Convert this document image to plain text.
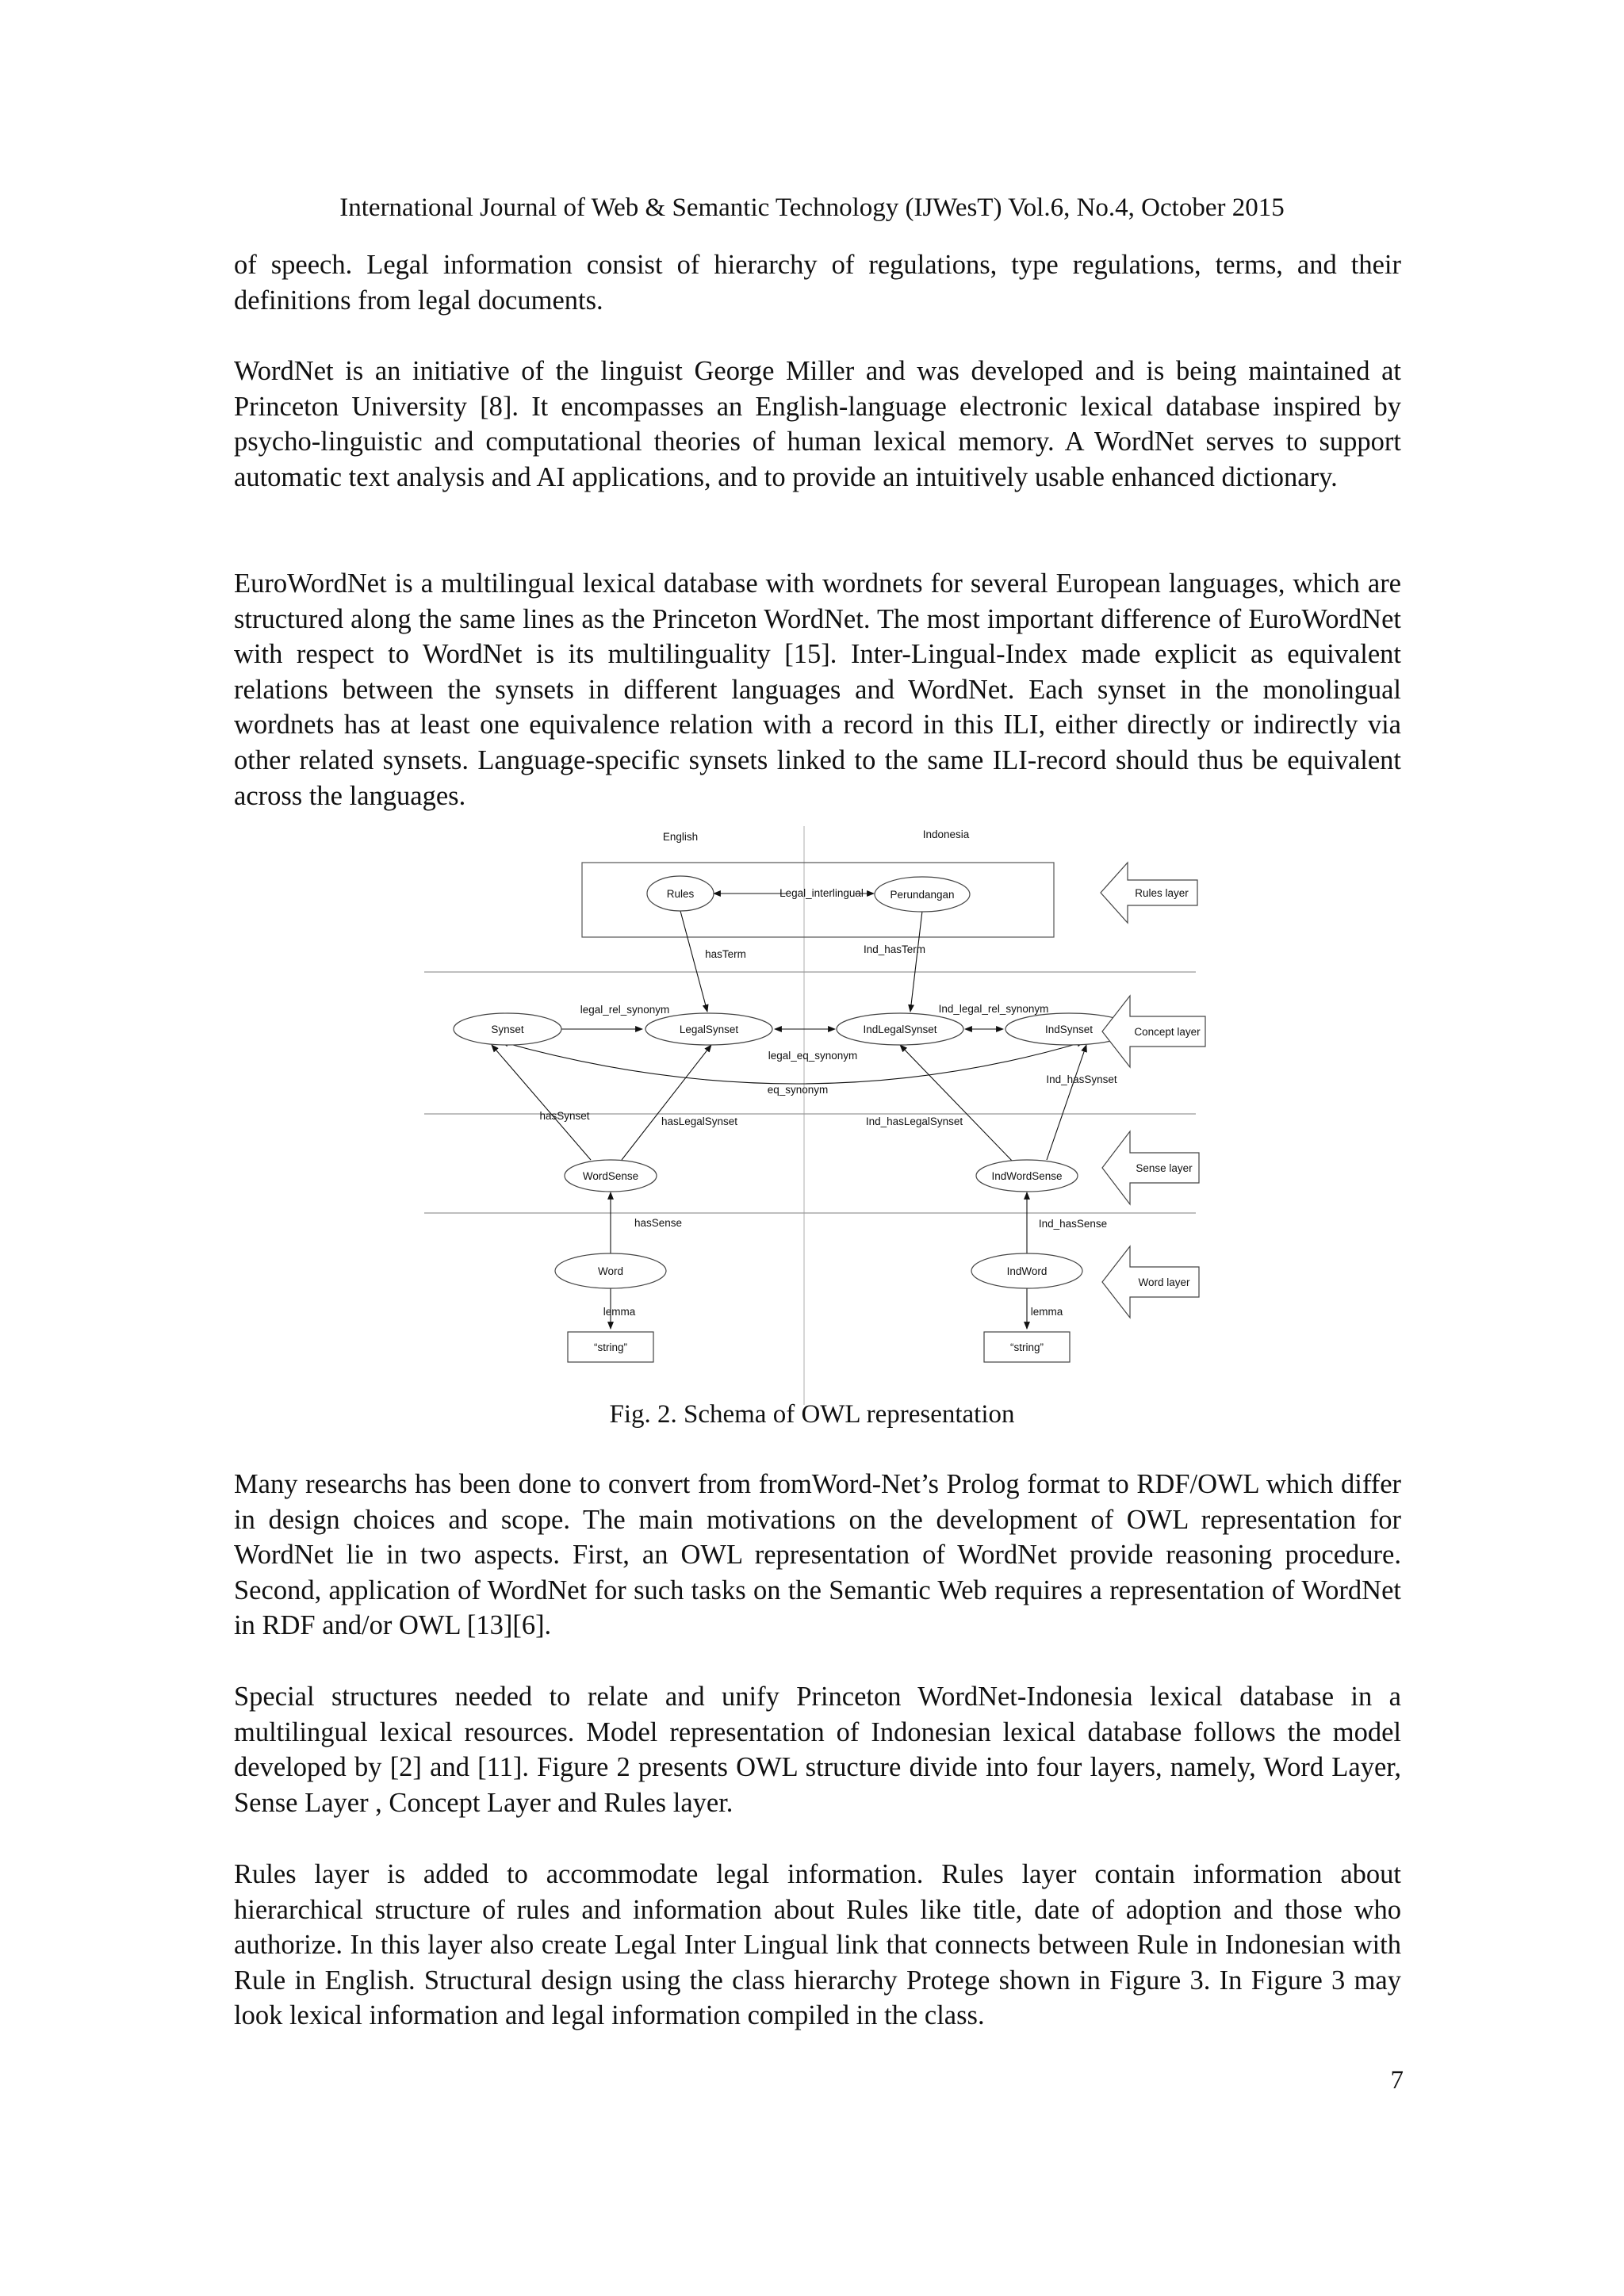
International Journal of Web & Semantic Technology (IJWesT) Vol.6, No.4, October 2015

of speech. Legal information consist of hierarchy of regulations, type regulations, terms, and their definitions from legal documents.

WordNet is an initiative of the linguist George Miller and was developed and is being maintained at Princeton University [8]. It encompasses an English-language electronic lexical database inspired by psycho-linguistic and computational theories of human lexical memory. A WordNet serves to support automatic text analysis and AI applications, and to provide an intuitively usable enhanced dictionary.

EuroWordNet is a multilingual lexical database with wordnets for several European languages, which are structured along the same lines as the Princeton WordNet. The most important difference of EuroWordNet with respect to WordNet is its multilinguality [15]. Inter-Lingual-Index made explicit as equivalent relations between the synsets in different languages and WordNet. Each synset in the monolingual wordnets has at least one equivalence relation with a record in this ILI, either directly or indirectly via other related synsets. Language-specific synsets linked to the same ILI-record should thus be equivalent across the languages.

English	Indonesia
Legal_interlingual
hasTerm	Ind_hasTerm
legal_rel_synonym
legal_eq_synonym
Ind_legal_rel_synonym
eq_synonym
Ind_hasSynset
hasSynset	hasLegalSynset	Ind_hasLegalSynset
hasSense	Ind_hasSense
lemma	lemma
Rules	Perundangan
Synset	LegalSynset	IndLegalSynset	IndSynset
WordSense	IndWordSense
Word	IndWord
“string”	“string”
Rules layer
Concept layer
Sense layer
Word layer
Fig. 2. Schema of OWL representation

Many researchs has been done to convert from fromWord-Net’s Prolog format to RDF/OWL which differ in design choices and scope. The main motivations on the development of OWL representation for WordNet lie in two aspects. First, an OWL representation of WordNet provide reasoning procedure. Second, application of WordNet for such tasks on the Semantic Web requires a representation of WordNet in RDF and/or OWL [13][6].

Special structures needed to relate and unify Princeton WordNet-Indonesia lexical database in a multilingual lexical resources. Model representation of Indonesian lexical database follows the model developed by [2] and [11]. Figure 2 presents OWL structure divide into four layers, namely, Word Layer, Sense Layer , Concept Layer and Rules layer.

Rules layer is added to accommodate legal information. Rules layer contain information about hierarchical structure of rules and information about Rules like title, date of adoption and those who authorize. In this layer also create Legal Inter Lingual link that connects between Rule in Indonesian with Rule in English. Structural design using the class hierarchy Protege shown in Figure 3. In Figure 3 may look lexical information and legal information compiled in the class.

7
